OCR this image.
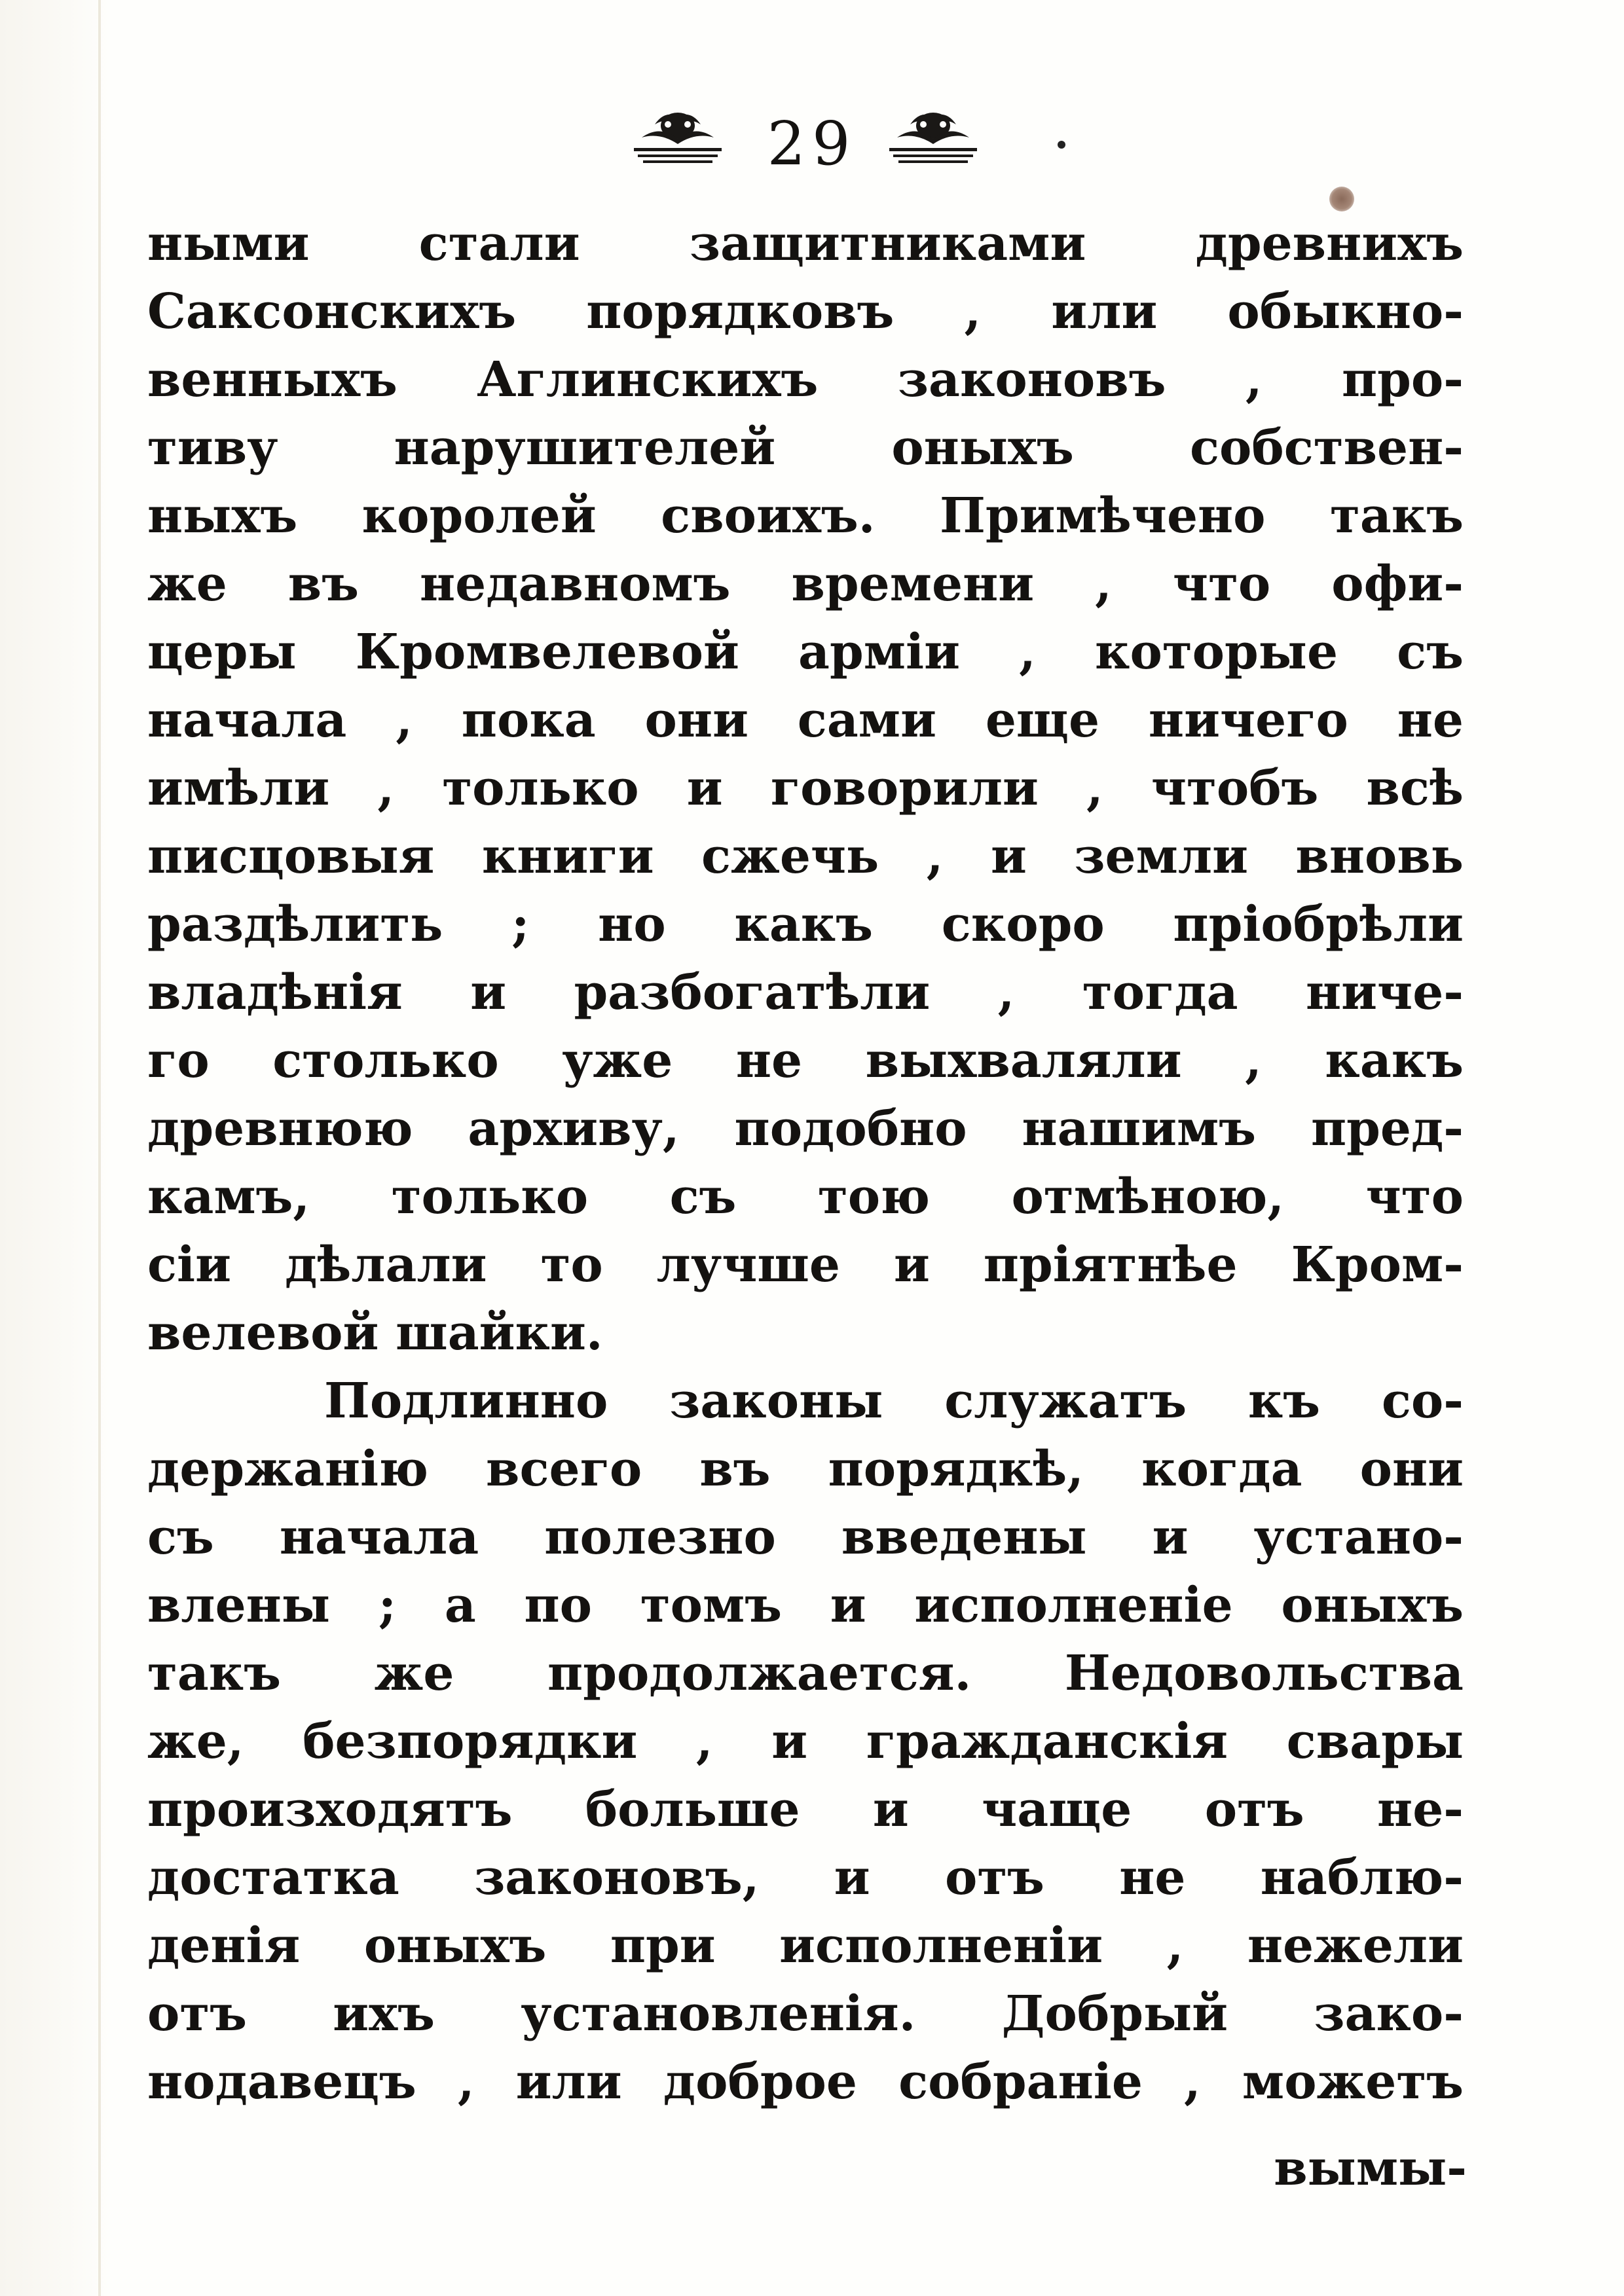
29
ными стали защитниками древнихъ
Саксонскихъ порядковъ , или обыкно-
венныхъ Аглинскихъ законовъ , про-
тиву нарушителей оныхъ собствен-
ныхъ королей своихъ. Примѣчено такъ
же въ недавномъ времени , что офи-
церы Кромвелевой арміи , которые съ
начала , пока они сами еще ничего не
имѣли , только и говорили , чтобъ всѣ
писцовыя книги сжечь , и земли вновь
раздѣлить ; но какъ скоро пріобрѣли
владѣнія и разбогатѣли , тогда ниче-
го столько уже не выхваляли , какъ
древнюю архиву, подобно нашимъ пред-
камъ, только съ тою отмѣною, что
сіи дѣлали то лучше и пріятнѣе Кром-
велевой шайки.
Подлинно законы служатъ къ со-
держанію всего въ порядкѣ, когда они
съ начала полезно введены и устано-
влены ; а по томъ и исполненіе оныхъ
такъ же продолжается. Недовольства
же, безпорядки , и гражданскія свары
произходятъ больше и чаще отъ не-
достатка законовъ, и отъ не наблю-
денія оныхъ при исполненіи , нежели
отъ ихъ установленія. Добрый зако-
нодавецъ , или доброе собраніе , можетъ
вымы-
